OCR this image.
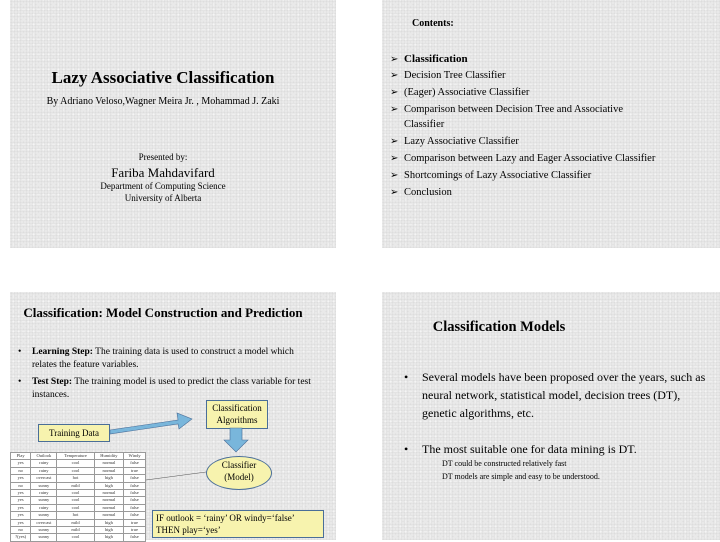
Lazy Associative Classification
By Adriano Veloso,Wagner Meira Jr. , Mohammad J. Zaki
Presented by:
Fariba Mahdavifard
Department of Computing Science
University of Alberta
Contents:
➢ Classification
➢ Decision Tree Classifier
➢ (Eager) Associative Classifier
➢ Comparison between Decision Tree and Associative Classifier
➢ Lazy Associative Classifier
➢ Comparison between Lazy and Eager Associative Classifier
➢ Shortcomings of Lazy Associative Classifier
➢ Conclusion
Classification: Model Construction and Prediction
•	Learning Step: The training data is used to construct a model which relates the feature variables.
•	Test Step: The training model is used to predict the class variable for test instances.
Classification Algorithms
Training Data
Classifier (Model)
Play	Outlook	Temperature	Humidity	Windy
yes	rainy	cool	normal	false
no	rainy	cool	normal	true
yes	overcast	hot	high	false
no	sunny	mild	high	false
yes	rainy	cool	normal	false
yes	sunny	cool	normal	false
yes	rainy	cool	normal	false
yes	sunny	hot	normal	false
yes	overcast	mild	high	true
no	sunny	mild	high	true
?(yes)	sunny	cool	high	false
IF outlook = ‘rainy’ OR windy=‘false’
THEN play=‘yes’
Classification Models
•	Several models have been proposed over the years, such as neural network, statistical model, decision trees (DT), genetic algorithms, etc.
•	The most suitable one for data mining is DT.
DT could be constructed relatively fast
DT models are simple and easy to be understood.
